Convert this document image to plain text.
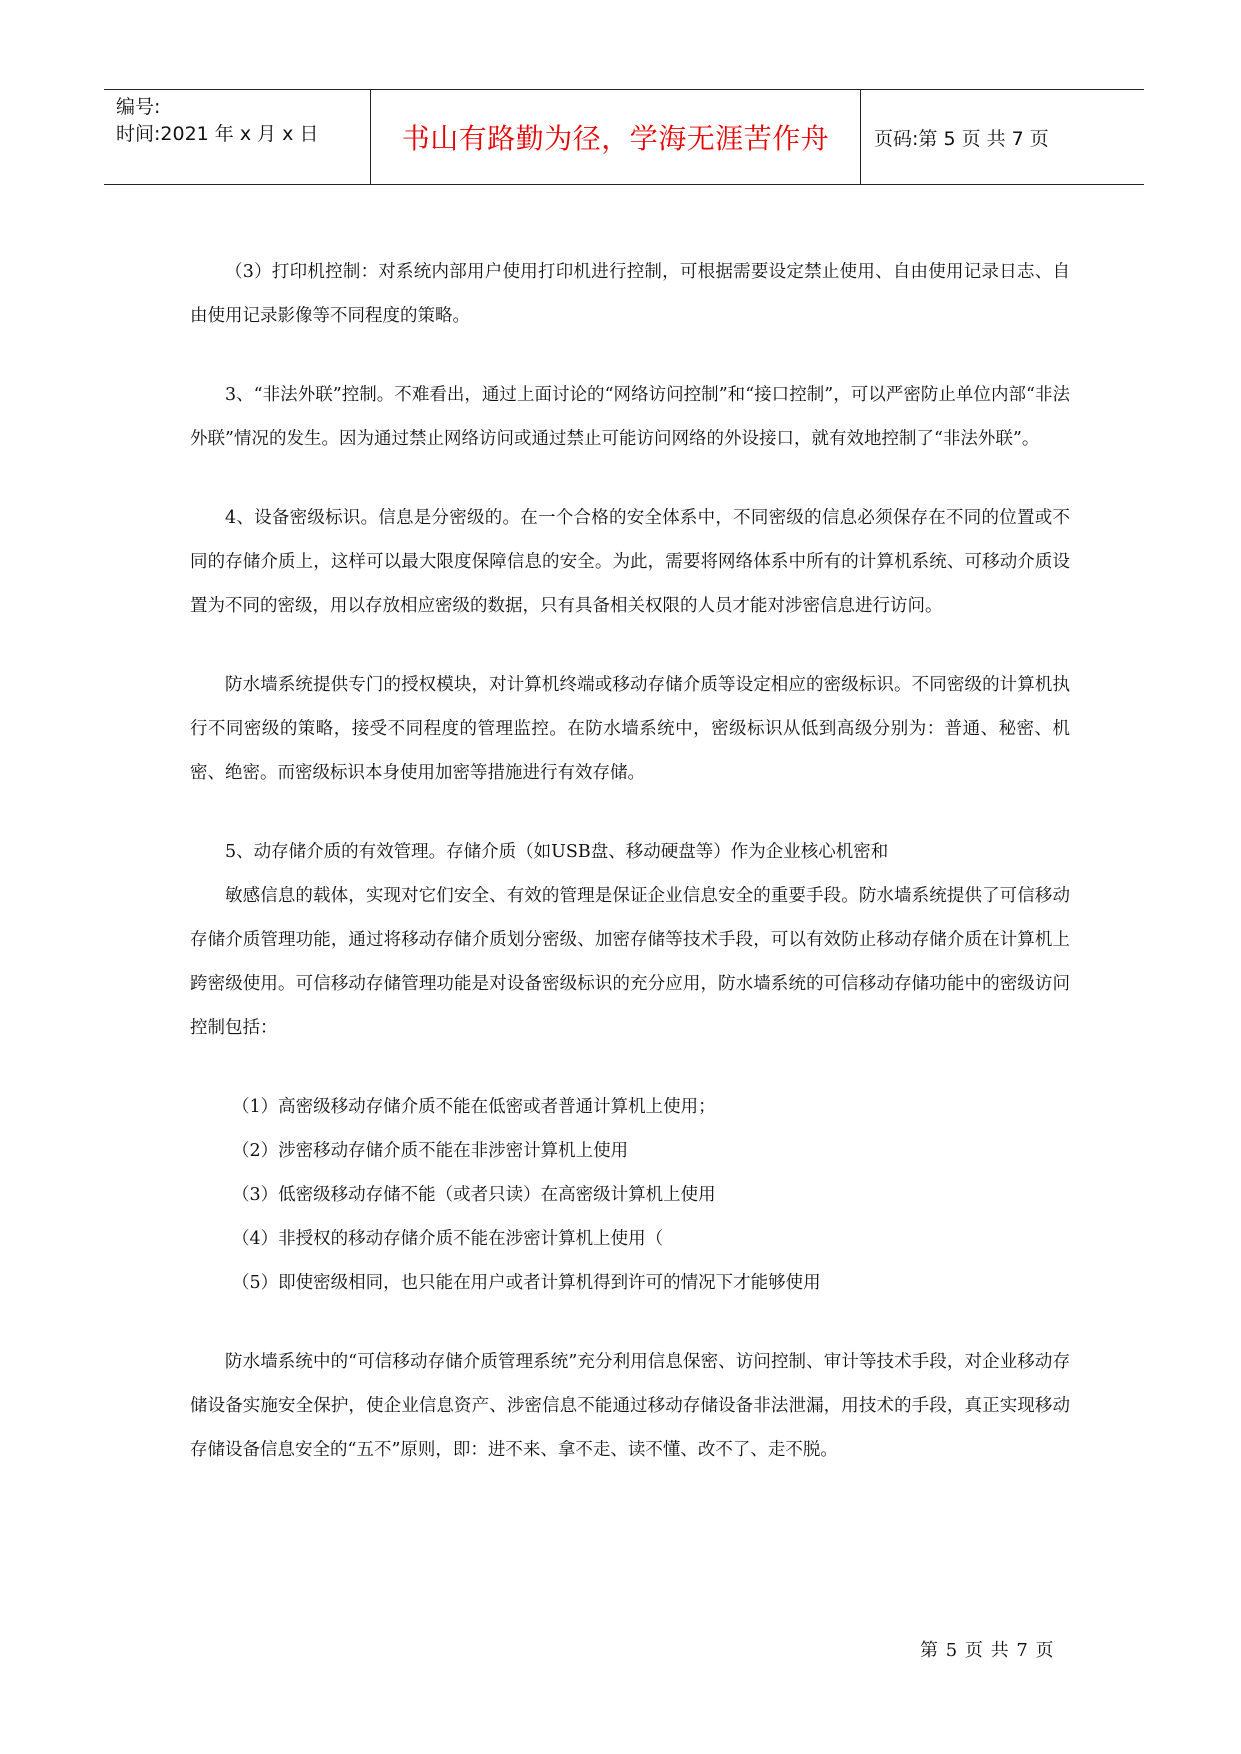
编号:
时间:2021 年 x 月 x 日	书山有路勤为径，学海无涯苦作舟	页码:第 5 页 共 7 页

（3）打印机控制：对系统内部用户使用打印机进行控制，可根据需要设定禁止使用、自由使用记录日志、自由使用记录影像等不同程度的策略。

3、“非法外联”控制。不难看出，通过上面讨论的“网络访问控制”和“接口控制”，可以严密防止单位内部“非法外联”情况的发生。因为通过禁止网络访问或通过禁止可能访问网络的外设接口，就有效地控制了“非法外联”。

4、设备密级标识。信息是分密级的。在一个合格的安全体系中，不同密级的信息必须保存在不同的位置或不同的存储介质上，这样可以最大限度保障信息的安全。为此，需要将网络体系中所有的计算机系统、可移动介质设置为不同的密级，用以存放相应密级的数据，只有具备相关权限的人员才能对涉密信息进行访问。

防水墙系统提供专门的授权模块，对计算机终端或移动存储介质等设定相应的密级标识。不同密级的计算机执行不同密级的策略，接受不同程度的管理监控。在防水墙系统中，密级标识从低到高级分别为：普通、秘密、机密、绝密。而密级标识本身使用加密等措施进行有效存储。

5、动存储介质的有效管理。存储介质（如USB盘、移动硬盘等）作为企业核心机密和

敏感信息的载体，实现对它们安全、有效的管理是保证企业信息安全的重要手段。防水墙系统提供了可信移动存储介质管理功能，通过将移动存储介质划分密级、加密存储等技术手段，可以有效防止移动存储介质在计算机上跨密级使用。可信移动存储管理功能是对设备密级标识的充分应用，防水墙系统的可信移动存储功能中的密级访问控制包括：

（1）高密级移动存储介质不能在低密或者普通计算机上使用；

（2）涉密移动存储介质不能在非涉密计算机上使用

（3）低密级移动存储不能（或者只读）在高密级计算机上使用

（4）非授权的移动存储介质不能在涉密计算机上使用（

（5）即使密级相同，也只能在用户或者计算机得到许可的情况下才能够使用

防水墙系统中的“可信移动存储介质管理系统”充分利用信息保密、访问控制、审计等技术手段，对企业移动存储设备实施安全保护，使企业信息资产、涉密信息不能通过移动存储设备非法泄漏，用技术的手段，真正实现移动存储设备信息安全的“五不”原则，即：进不来、拿不走、读不懂、改不了、走不脱。

第 5 页 共 7 页
